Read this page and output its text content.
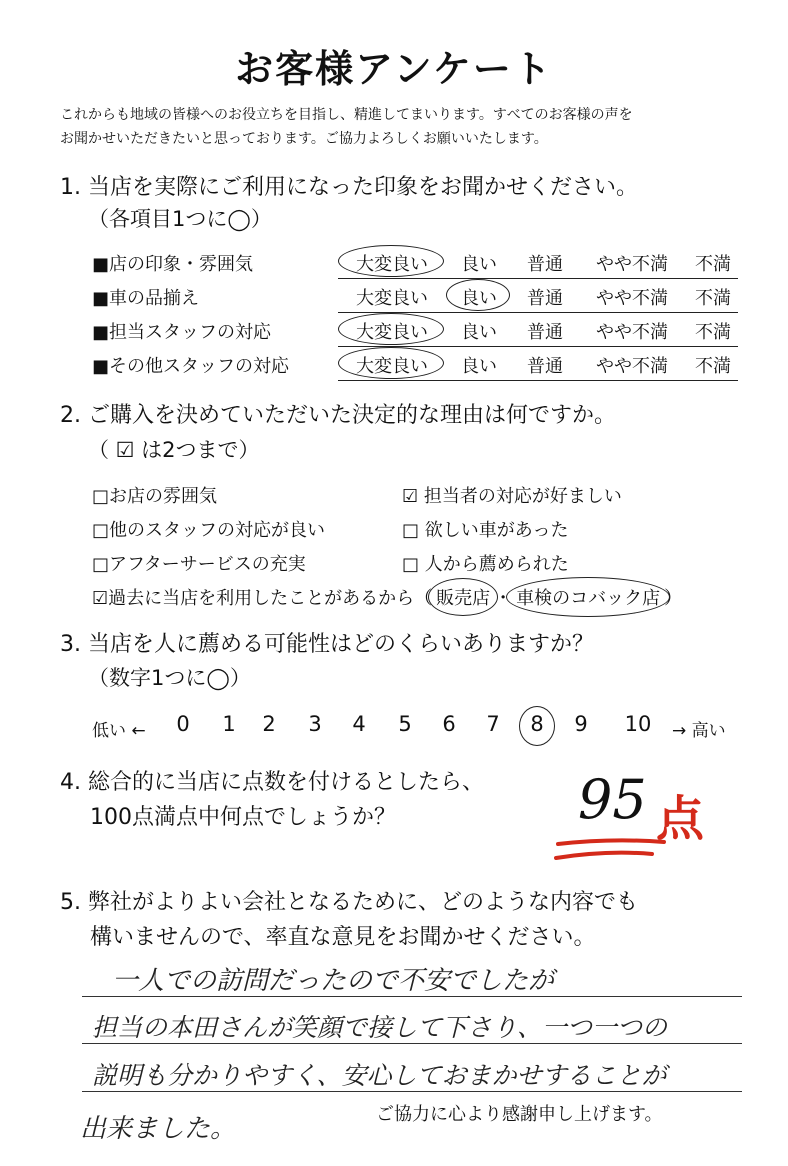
お客様アンケート
これからも地域の皆様へのお役立ちを目指し、精進してまいります。すべてのお客様の声を
お聞かせいただきたいと思っております。ご協力よろしくお願いいたします。
1. 当店を実際にご利用になった印象をお聞かせください。
（各項目1つに◯）
■店の印象・雰囲気	大変良い	良い	普通	やや不満	不満
■車の品揃え	大変良い	良い	普通	やや不満	不満
■担当スタッフの対応	大変良い	良い	普通	やや不満	不満
■その他スタッフの対応	大変良い	良い	普通	やや不満	不満
2. ご購入を決めていただいた決定的な理由は何ですか。
（ ☑ は2つまで）
□お店の雰囲気	☑ 担当者の対応が好ましい
□他のスタッフの対応が良い	□ 欲しい車があった
□アフターサービスの充実	□ 人から薦められた
☑過去に当店を利用したことがあるから（ 販売店 ・ 車検のコバック店 ）
3. 当店を人に薦める可能性はどのくらいありますか？
（数字1つに◯）
低い ← 0 1 2 3 4 5 6 7 8 9 10 → 高い
4. 総合的に当店に点数を付けるとしたら、
100点満点中何点でしょうか？	95 点
5. 弊社がよりよい会社となるために、どのような内容でも
構いませんので、率直な意見をお聞かせください。
一人での訪問だったので不安でしたが
担当の本田さんが笑顔で接して下さり、一つ一つの
説明も分かりやすく、安心しておまかせすることが
出来ました。	ご協力に心より感謝申し上げます。
